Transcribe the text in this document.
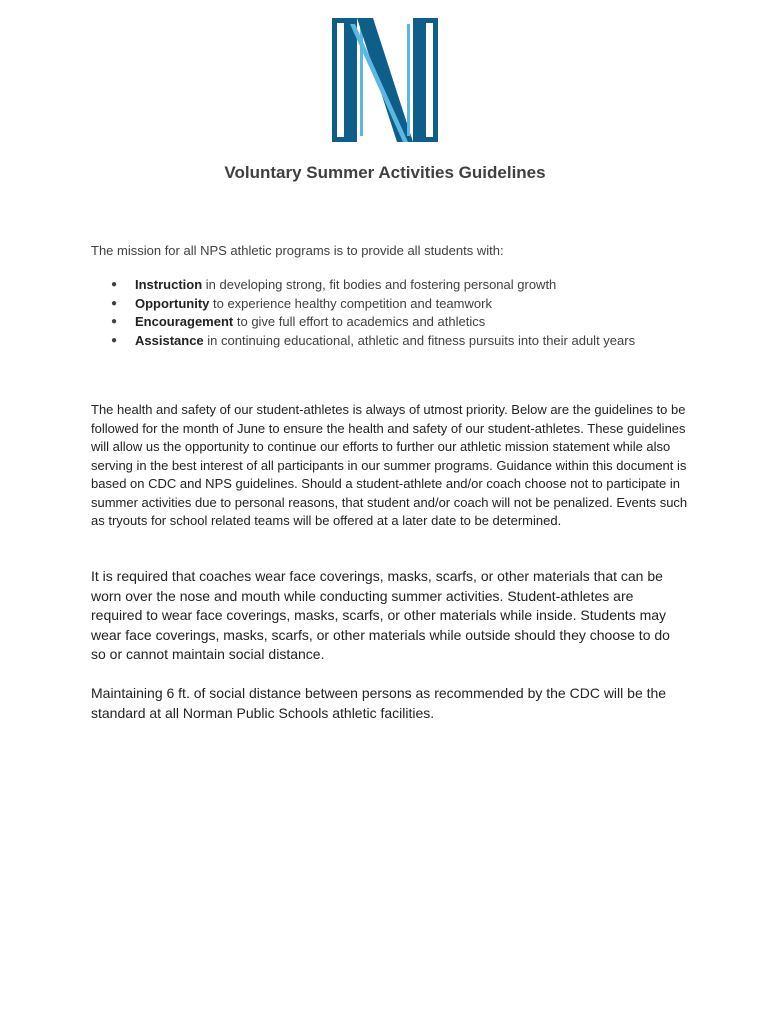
Voluntary Summer Activities Guidelines

The mission for all NPS athletic programs is to provide all students with:

● Instruction in developing strong, fit bodies and fostering personal growth
● Opportunity to experience healthy competition and teamwork
● Encouragement to give full effort to academics and athletics
● Assistance in continuing educational, athletic and fitness pursuits into their adult years

The health and safety of our student-athletes is always of utmost priority. Below are the guidelines to be followed for the month of June to ensure the health and safety of our student-athletes. These guidelines will allow us the opportunity to continue our efforts to further our athletic mission statement while also serving in the best interest of all participants in our summer programs. Guidance within this document is based on CDC and NPS guidelines. Should a student-athlete and/or coach choose not to participate in summer activities due to personal reasons, that student and/or coach will not be penalized. Events such as tryouts for school related teams will be offered at a later date to be determined.

It is required that coaches wear face coverings, masks, scarfs, or other materials that can be worn over the nose and mouth while conducting summer activities. Student-athletes are required to wear face coverings, masks, scarfs, or other materials while inside. Students may wear face coverings, masks, scarfs, or other materials while outside should they choose to do so or cannot maintain social distance.

Maintaining 6 ft. of social distance between persons as recommended by the CDC will be the standard at all Norman Public Schools athletic facilities.
